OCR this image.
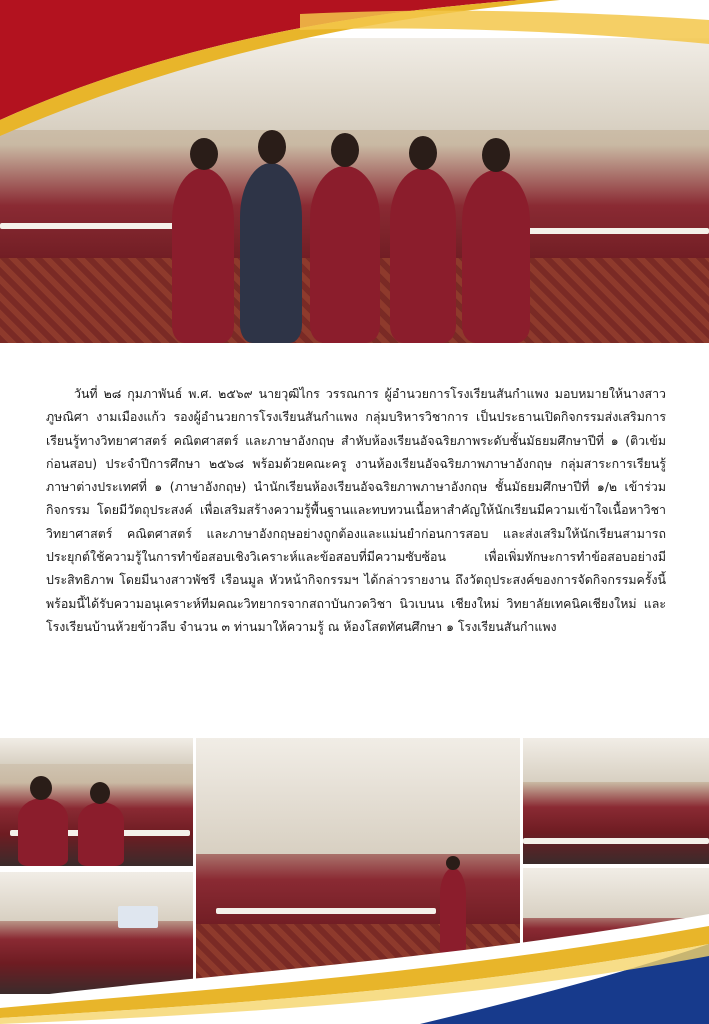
วันที่ ๒๘ กุมภาพันธ์ พ.ศ. ๒๕๖๙ นายวุฒิไกร วรรณการ ผู้อำนวยการโรงเรียนสันกำแพง มอบหมายให้นางสาวภูษณิศา งามเมืองแก้ว รองผู้อำนวยการโรงเรียนสันกำแพง กลุ่มบริหารวิชาการ เป็นประธานเปิดกิจกรรมส่งเสริมการเรียนรู้ทางวิทยาศาสตร์ คณิตศาสตร์ และภาษาอังกฤษ สำหับห้องเรียนอัจฉริยภาพระดับชั้นมัธยมศึกษาปีที่ ๑ (ติวเข้มก่อนสอบ) ประจำปีการศึกษา ๒๕๖๘ พร้อมด้วยคณะครู งานห้องเรียนอัจฉริยภาพภาษาอังกฤษ กลุ่มสาระการเรียนรู้ภาษาต่างประเทศที่ ๑ (ภาษาอังกฤษ) นำนักเรียนห้องเรียนอัจฉริยภาพภาษาอังกฤษ ชั้นมัธยมศึกษาปีที่ ๑/๒ เข้าร่วมกิจกรรม โดยมีวัตถุประสงค์ เพื่อเสริมสร้างความรู้พื้นฐานและทบทวนเนื้อหาสำคัญให้นักเรียนมีความเข้าใจเนื้อหาวิชาวิทยาศาสตร์ คณิตศาสตร์ และภาษาอังกฤษอย่างถูกต้องและแม่นยำก่อนการสอบ และส่งเสริมให้นักเรียนสามารถประยุกต์ใช้ความรู้ในการทำข้อสอบเชิงวิเคราะห์และข้อสอบที่มีความซับซ้อน เพื่อเพิ่มทักษะการทำข้อสอบอย่างมีประสิทธิภาพ โดยมีนางสาวพัชรี เรือนมูล หัวหน้ากิจกรรมฯ ได้กล่าวรายงาน ถึงวัตถุประสงค์ของการจัดกิจกรรมครั้งนี้ พร้อมนี้ได้รับความอนุเคราะห์ทีมคณะวิทยากรจากสถาบันกวดวิชา นิวเบนน เชียงใหม่ วิทยาลัยเทคนิคเชียงใหม่ และโรงเรียนบ้านห้วยข้าวลีบ จำนวน ๓ ท่านมาให้ความรู้ ณ ห้องโสตทัศนศึกษา ๑ โรงเรียนสันกำแพง
